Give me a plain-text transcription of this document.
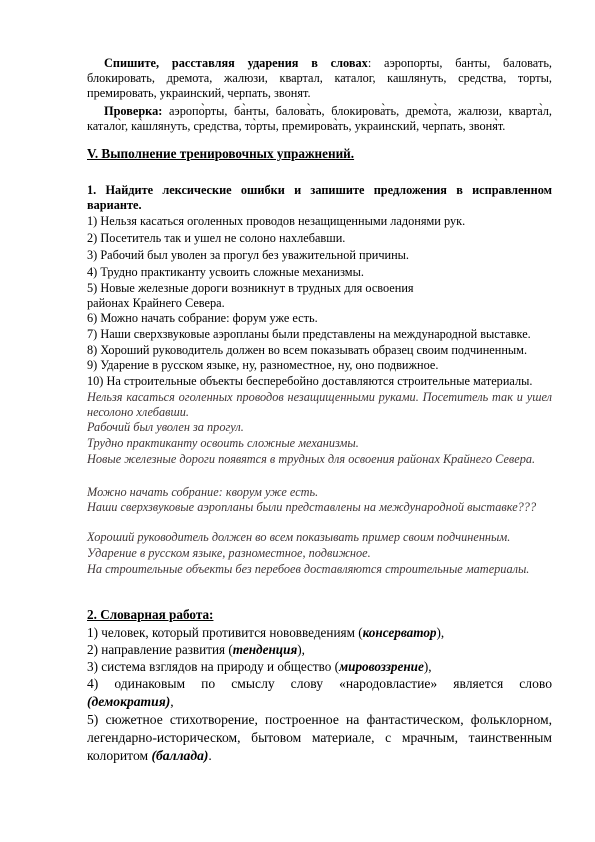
Спишите, расставляя ударения в словах: аэропорты, банты, баловать, блокировать, дремота, жалюзи, квартал, каталог, кашлянуть, средства, торты, премировать, украинский, черпать, звонят.

Проверка: аэропо̀рты, ба̀нты, балова̀ть, блокирова̀ть, дремо̀та, жалюзи, кварта̀л, катало̀г, ка̀шлянуть, средства, то̀рты, премирова̀ть, украинский, черпать, звоня̀т.

V. Выполнение тренировочных упражнений.

1. Найдите лексические ошибки и запишите предложения в исправленном варианте.

1) Нельзя касаться оголенных проводов незащищенными ладонями рук.

2) Посетитель так и ушел не солоно нахлебавши.

3) Рабочий был уволен за прогул без уважительной причины.

4) Трудно практиканту усвоить сложные механизмы.

5) Новые железные дороги возникнут в трудных для освоения районах Крайнего Севера.

6) Можно начать собрание: форум уже есть.

7) Наши сверхзвуковые аэропланы были представлены на международной выставке.

8) Хороший руководитель должен во всем показывать образец своим подчиненным.

9) Ударение в русском языке, ну, разноместное, ну, оно подвижное.

10) На строительные объекты бесперебойно доставляются строительные материалы.

Нельзя касаться оголенных проводов незащищенными руками. Посетитель так и ушел несолоно хлебавши.

Рабочий был уволен за прогул.

Трудно практиканту освоить сложные механизмы.

Новые железные дороги появятся в трудных для освоения районах Крайнего Севера.

Можно начать собрание: кворум уже есть.

Наши сверхзвуковые аэропланы были представлены на международной выставке???

Хороший руководитель должен во всем показывать пример своим подчиненным.

Ударение в русском языке, разноместное, подвижное.

На строительные объекты без перебоев доставляются строительные материалы.

2. Словарная работа:

1) человек, который противится нововведениям (консерватор),

2) направление развития (тенденция),

3) система взглядов на природу и общество (мировоззрение),

4) одинаковым по смыслу слову «народовластие» является слово (демократия),

5) сюжетное стихотворение, построенное на фантастическом, фольклорном, легендарно-историческом, бытовом материале, с мрачным, таинственным колоритом (баллада).
